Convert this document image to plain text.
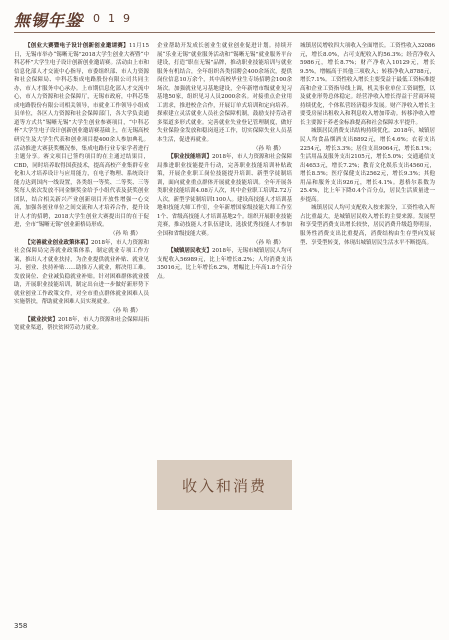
無锡年鉴
2019

【创业大赛暨电子设计创新创业邀请赛】11月15日，无锡市举办“锡晰无锡”2018大学生创业大赛暨“中科芯杯”大学生电子设计创新创业邀请赛。活动由上市和信息化部人才交流中心指导，市委组织部、市人力资源和社会保障局、中科芯集成电路股份有限公司共同主办，市人才服务中心承办。上市期信息化部人才交流中心，市人力资源和社会保障厅，无锡市政府，中科芯集成电路股份有限公司相关领导，市就业工作领导小组成员单位，各区人力资源和社会保障部门，各大学负责通道等方式共“锡晰无锡”大学生创业参赛项目，“中科芯杯”大学生电子设计创新创业邀请赛基础上，在无锡高校研究生及大学生代表和创业项目提400余人参加典礼。活动推进大赛获奖概况参，集成电路行业专家学者进行主题分享。赛文项目已签约项目的在主通过结果目，CBD，同时培养取得国获技术，提高高校产业集群专业化和人才培养设计与应用能力，在电子物理、系统设计能力达到国内一线设置，各类组一等奖、二等奖、三等奖每人依次发放不同金额奖金给予小组代表及获奖创业团队，结合相关新兴产业创新项目开放性增强一心交流，加强各创业单位之间交流和人才培养合作，提升设计人才的招聘，2018大学生创业大赛提出目的在于促进，全市“锡晰无锡”创业新格局形成。

（孙 哈 撰）

【完善就业创业政策体系】2018年，市人力资源和社会保障局完善就业政策体系，制定就业专项工作方案，推出人才就业扶持，为企业提供就业补贴、就业见习、创业、扶持补贴……助推万人就业，解决用工难。发放岗位、企业减负稳就业补贴。针对困难群体就业援助，开展职业技能培训，制定出台进一步做好新形势下就业创业工作政策文件，对全市重点群体就业困难人员实施帮扶，帮助就业困难人员实现就业。

（孙 哈 撰）

【就业扶贫】2018年，市人力资源和社会保障局拓宽就业渠道，帮扶贫困劳动力就业。

企业帮助开发成长创业生就业创业促进计划。持续开展“乐业无锡”就业服务活动和“锡晰无锡”就业服务平台建设，打造“职在无锡”品牌，推动职业技能培训与就业服务有机结合，全年组织各类招聘会400余场次，提供岗位信息10万余个，其中高校毕业生专场招聘会100余场次。加强就业见习基地建设，全年新增市级就业见习基地50家，组织见习人员2000余名。对接重点企业用工需求，推进校企合作，开展订单式培训和定向培养。探索建立灵活就业人员社会保障机制，鼓励支持劳动者多渠道多形式就业。完善就业失业登记管理制度，做好失业保险金发放和稳岗返还工作，切实保障失业人员基本生活，促进再就业。

（孙 哈 撰）

【职业技能培训】2018年，市人力资源和社会保障局推进职业技能提升行动，完善职业技能培训补贴政策，开展企业职工岗位技能提升培训、新型学徒制培训，面向就业重点群体开展就业技能培训。全年开展各类职业技能培训4.08万人次，其中企业职工培训2.72万人次，新型学徒制培训1100人。建设高技能人才培训基地和技能大师工作室，全年新增国家级技能大师工作室1个、省级高技能人才培训基地2个。组织开展职业技能竞赛，推动技能人才队伍建设，选拔优秀技能人才参加全国和省级技能大赛。

（孙 哈 撰）

【城镇居民收支】2018年，无锡市城镇居民人均可支配收入56989元，比上年增长8.2%；人均消费支出35016元，比上年增长6.2%，增幅比上年高1.8个百分点。

城镇居民增收四大项收入全面增长。工资性收入32086元，增长8.0%，占可支配收入的56.3%；经营净收入5986元，增长8.7%；财产净收入10129元，增长9.5%，增幅高于其他三项收入；转移净收入8788元，增长7.1%。工资性收入增长主要受益于最低工资标准提高和企业工资指导线上调，机关事业单位工资调整，以及就业形势总体稳定。经营净收入增长得益于营商环境持续优化，个体私营经济稳步发展。财产净收入增长主要受房屋出租收入和利息收入增加带动。转移净收入增长主要源于养老金标准提高和社会保障水平提升。

城镇居民消费支出结构持续优化。2018年，城镇居民人均食品烟酒支出8892元，增长4.6%；衣着支出2254元，增长3.3%；居住支出9064元，增长8.1%；生活用品及服务支出2105元，增长5.0%；交通通信支出4653元，增长7.2%；教育文化娱乐支出4560元，增长8.5%；医疗保健支出2562元，增长9.3%；其他用品和服务支出926元，增长4.1%。恩格尔系数为25.4%，比上年下降0.4个百分点，居民生活质量进一步提高。

城镇居民人均可支配收入按来源分，工资性收入所占比重最大，是城镇居民收入增长的主要来源。发展型和享受型消费支出增长较快，居民消费升级趋势明显，服务性消费支出比重提高，消费结构由生存型向发展型、享受型转变，体现出城镇居民生活水平不断提高。

收入和消费
358
